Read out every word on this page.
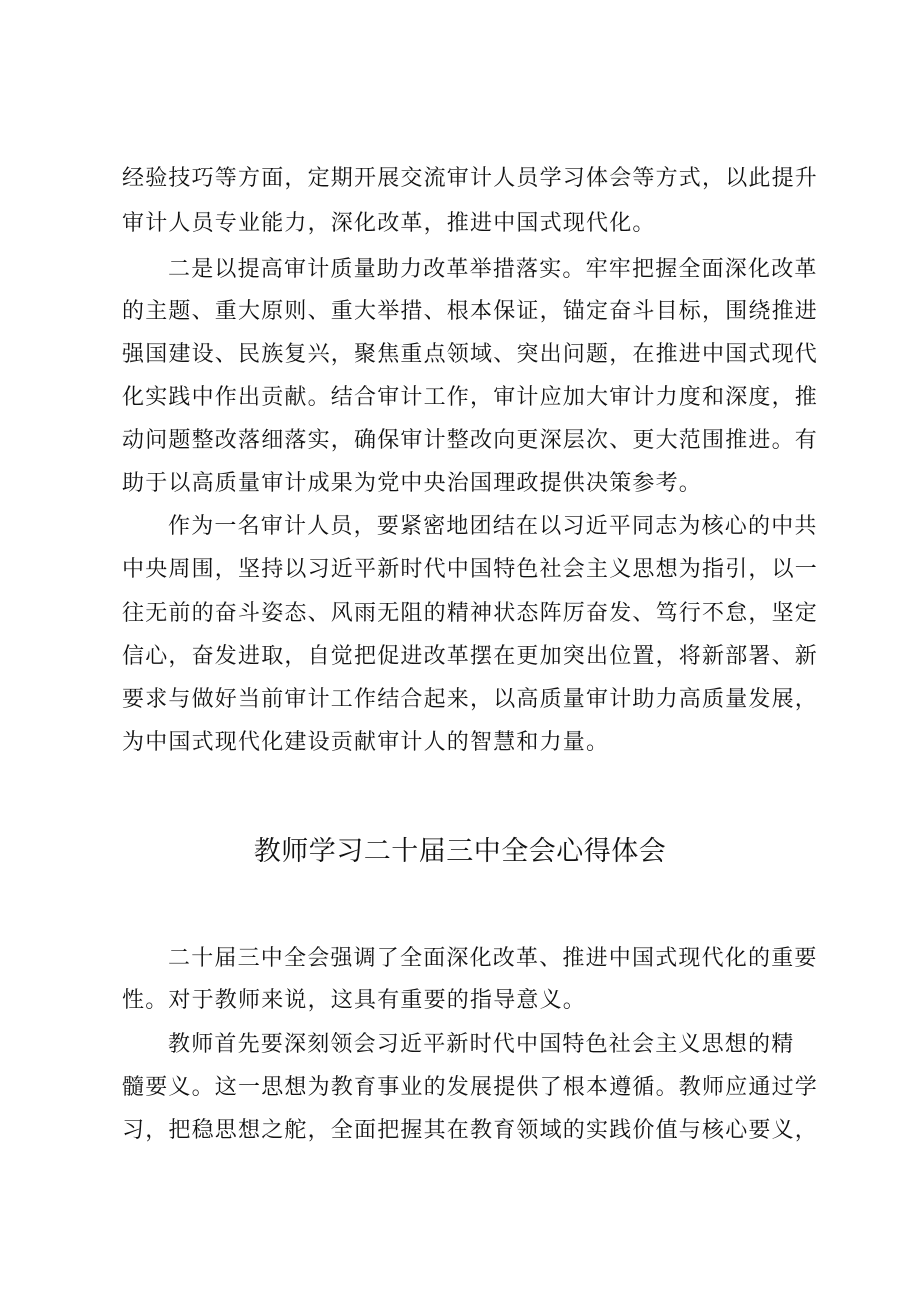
经验技巧等方面，定期开展交流审计人员学习体会等方式，以此提升
审计人员专业能力，深化改革，推进中国式现代化。
二是以提高审计质量助力改革举措落实。牢牢把握全面深化改革
的主题、重大原则、重大举措、根本保证，锚定奋斗目标，围绕推进
强国建设、民族复兴，聚焦重点领域、突出问题，在推进中国式现代
化实践中作出贡献。结合审计工作，审计应加大审计力度和深度，推
动问题整改落细落实，确保审计整改向更深层次、更大范围推进。有
助于以高质量审计成果为党中央治国理政提供决策参考。
作为一名审计人员，要紧密地团结在以习近平同志为核心的中共
中央周围，坚持以习近平新时代中国特色社会主义思想为指引，以一
往无前的奋斗姿态、风雨无阻的精神状态阵厉奋发、笃行不怠，坚定
信心，奋发进取，自觉把促进改革摆在更加突出位置，将新部署、新
要求与做好当前审计工作结合起来，以高质量审计助力高质量发展，
为中国式现代化建设贡献审计人的智慧和力量。
教师学习二十届三中全会心得体会
二十届三中全会强调了全面深化改革、推进中国式现代化的重要
性。对于教师来说，这具有重要的指导意义。
教师首先要深刻领会习近平新时代中国特色社会主义思想的精
髓要义。这一思想为教育事业的发展提供了根本遵循。教师应通过学
习，把稳思想之舵，全面把握其在教育领域的实践价值与核心要义，
